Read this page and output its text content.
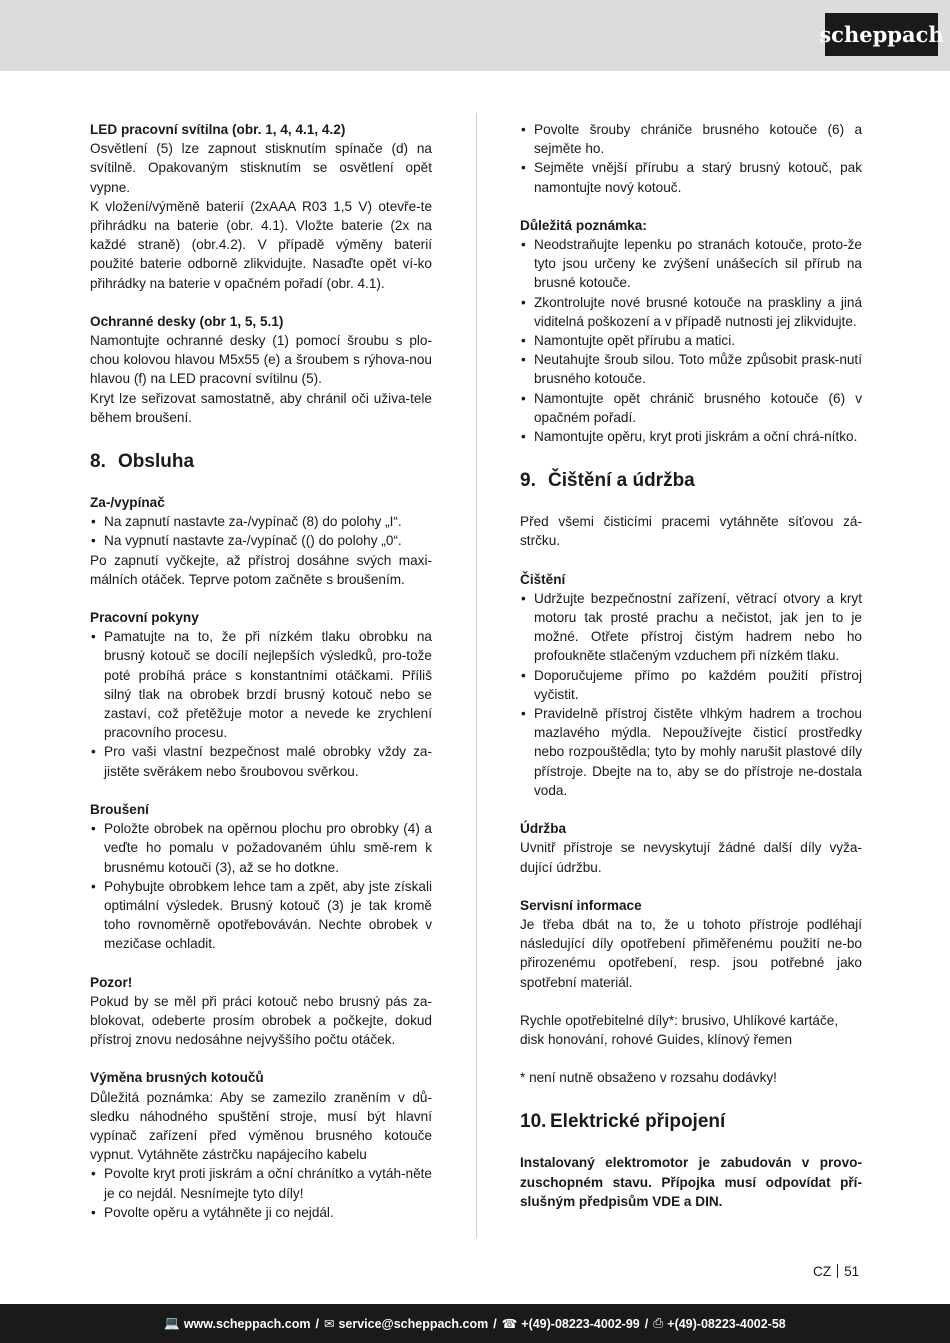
scheppach

LED pracovní svítilna (obr. 1, 4, 4.1, 4.2)

Osvětlení (5) lze zapnout stisknutím spínače (d) na svítilně. Opakovaným stisknutím se osvětlení opět vypne.

K vložení/výměně baterií (2xAAA R03 1,5 V) otevře-te přihrádku na baterie (obr. 4.1). Vložte baterie (2x na každé straně) (obr.4.2). V případě výměny baterií použité baterie odborně zlikvidujte. Nasaďte opět ví-ko přihrádky na baterie v opačném pořadí (obr. 4.1).

Ochranné desky (obr 1, 5, 5.1)

Namontujte ochranné desky (1) pomocí šroubu s plo-chou kolovou hlavou M5x55 (e) a šroubem s rýhova-nou hlavou (f) na LED pracovní svítilnu (5).

Kryt lze seřizovat samostatně, aby chránil oči uživa-tele během broušení.

8. Obsluha

Za-/vypínač

• Na zapnutí nastavte za-/vypínač (8) do polohy „I“.
• Na vypnutí nastavte za-/vypínač (() do polohy „0“.

Po zapnutí vyčkejte, až přístroj dosáhne svých maxi-málních otáček. Teprve potom začněte s broušením.

Pracovní pokyny

• Pamatujte na to, že při nízkém tlaku obrobku na brusný kotouč se docílí nejlepších výsledků, pro-tože poté probíhá práce s konstantními otáčkami. Příliš silný tlak na obrobek brzdí brusný kotouč nebo se zastaví, což přetěžuje motor a nevede ke zrychlení pracovního procesu.
• Pro vaši vlastní bezpečnost malé obrobky vždy za-jistěte svěrákem nebo šroubovou svěrkou.

Broušení

• Položte obrobek na opěrnou plochu pro obrobky (4) a veďte ho pomalu v požadovaném úhlu smě-rem k brusnému kotouči (3), až se ho dotkne.
• Pohybujte obrobkem lehce tam a zpět, aby jste získali optimální výsledek. Brusný kotouč (3) je tak kromě toho rovnoměrně opotřebováván. Nechte obrobek v mezičase ochladit.

Pozor!

Pokud by se měl při práci kotouč nebo brusný pás za-blokovat, odeberte prosím obrobek a počkejte, dokud přístroj znovu nedosáhne nejvyššího počtu otáček.

Výměna brusných kotoučů

Důležitá poznámka: Aby se zamezilo zraněním v dů-sledku náhodného spuštění stroje, musí být hlavní vypínač zařízení před výměnou brusného kotouče vypnut. Vytáhněte zástrčku napájecího kabelu

• Povolte kryt proti jiskrám a oční chránítko a vytáh-něte je co nejdál. Nesnímejte tyto díly!
• Povolte opěru a vytáhněte ji co nejdál.
• Povolte šrouby chrániče brusného kotouče (6) a sejměte ho.
• Sejměte vnější přírubu a starý brusný kotouč, pak namontujte nový kotouč.

Důležitá poznámka:

• Neodstraňujte lepenku po stranách kotouče, proto-že tyto jsou určeny ke zvýšení unášecích sil přírub na brusné kotouče.
• Zkontrolujte nové brusné kotouče na praskliny a jiná viditelná poškození a v případě nutnosti jej zlikvidujte.
• Namontujte opět přírubu a matici.
• Neutahujte šroub silou. Toto může způsobit prask-nutí brusného kotouče.
• Namontujte opět chránič brusného kotouče (6) v opačném pořadí.
• Namontujte opěru, kryt proti jiskrám a oční chrá-nítko.
9. Čištění a údržba

Před všemi čisticími pracemi vytáhněte síťovou zá-strčku.

Čištění

• Udržujte bezpečnostní zařízení, větrací otvory a kryt motoru tak prosté prachu a nečistot, jak jen to je možné. Otřete přístroj čistým hadrem nebo ho profoukněte stlačeným vzduchem při nízkém tlaku.
• Doporučujeme přímo po každém použití přístroj vyčistit.
• Pravidelně přístroj čistěte vlhkým hadrem a trochou mazlavého mýdla. Nepoužívejte čisticí prostředky nebo rozpouštědla; tyto by mohly narušit plastové díly přístroje. Dbejte na to, aby se do přístroje ne-dostala voda.

Údržba

Uvnitř přístroje se nevyskytují žádné další díly vyža-dující údržbu.

Servisní informace

Je třeba dbát na to, že u tohoto přístroje podléhají následující díly opotřebení přiměřenému použití ne-bo přirozenému opotřebení, resp. jsou potřebné jako spotřební materiál.

Rychle opotřebitelné díly*: brusivo, Uhlíkové kartáče, disk honování, rohové Guides, klínový řemen

* není nutně obsaženo v rozsahu dodávky!

10. Elektrické připojení

Instalovaný elektromotor je zabudován v provo-zuschopném stavu. Přípojka musí odpovídat pří-slušným předpisům VDE a DIN.

CZ 51
💻 www.scheppach.com / ✉ service@scheppach.com / ☎ +(49)-08223-4002-99 / ⎙ +(49)-08223-4002-58
